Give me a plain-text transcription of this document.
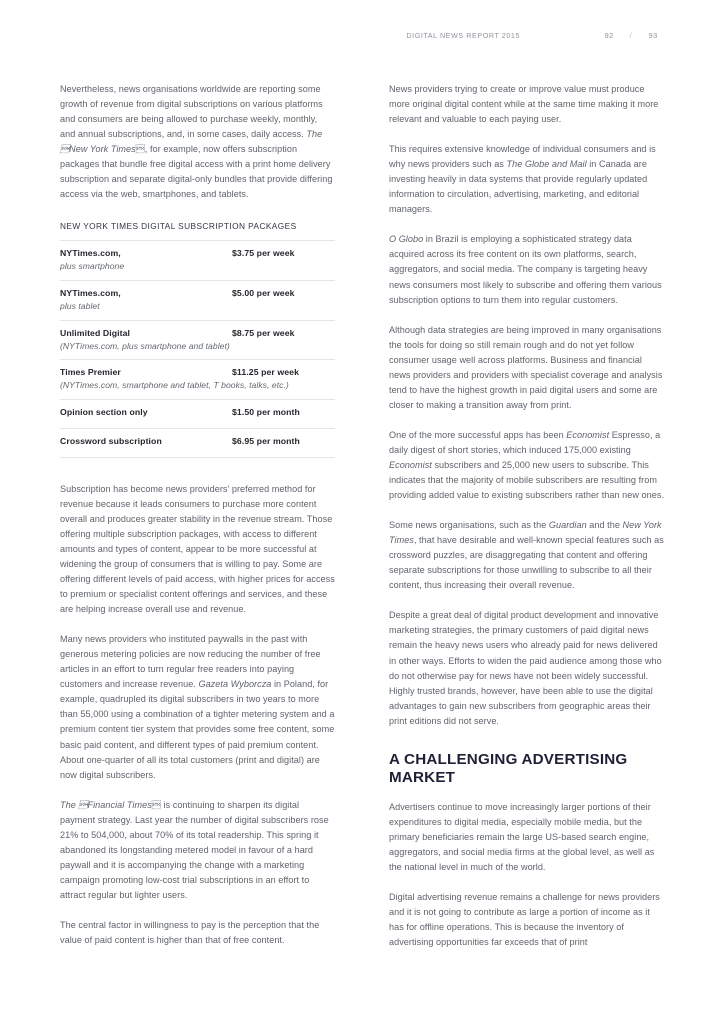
DIGITAL NEWS REPORT 2015	92	/	93

Nevertheless, news organisations worldwide are reporting some growth of revenue from digital subscriptions on various platforms and consumers are being allowed to purchase weekly, monthly, and annual subscriptions, and, in some cases, daily access. The New York Times, for example, now offers subscription packages that bundle free digital access with a print home delivery subscription and separate digital-only bundles that provide differing access via the web, smartphones, and tablets.

NEW YORK TIMES DIGITAL SUBSCRIPTION PACKAGES
NYTimes.com,	$3.75 per week
plus smartphone
NYTimes.com,	$5.00 per week
plus tablet
Unlimited Digital	$8.75 per week
(NYTimes.com, plus smartphone and tablet)
Times Premier	$11.25 per week
(NYTimes.com, smartphone and tablet, T books, talks, etc.)
Opinion section only	$1.50 per month
Crossword subscription	$6.95 per month

Subscription has become news providers' preferred method for revenue because it leads consumers to purchase more content overall and produces greater stability in the revenue stream. Those offering multiple subscription packages, with access to different amounts and types of content, appear to be more successful at widening the group of consumers that is willing to pay. Some are offering different levels of paid access, with higher prices for access to premium or specialist content offerings and services, and these are helping increase overall use and revenue.

Many news providers who instituted paywalls in the past with generous metering policies are now reducing the number of free articles in an effort to turn regular free readers into paying customers and increase revenue. Gazeta Wyborcza in Poland, for example, quadrupled its digital subscribers in two years to more than 55,000 using a combination of a tighter metering system and a premium content tier system that provides some free content, some basic paid content, and different types of paid premium content. About one-quarter of all its total customers (print and digital) are now digital subscribers.

The Financial Times is continuing to sharpen its digital payment strategy. Last year the number of digital subscribers rose 21% to 504,000, about 70% of its total readership. This spring it abandoned its longstanding metered model in favour of a hard paywall and it is accompanying the change with a marketing campaign promoting low-cost trial subscriptions in an effort to attract regular but lighter users.

The central factor in willingness to pay is the perception that the value of paid content is higher than that of free content.

News providers trying to create or improve value must produce more original digital content while at the same time making it more relevant and valuable to each paying user.

This requires extensive knowledge of individual consumers and is why news providers such as The Globe and Mail in Canada are investing heavily in data systems that provide regularly updated information to circulation, advertising, marketing, and editorial managers.

O Globo in Brazil is employing a sophisticated strategy data acquired across its free content on its own platforms, search, aggregators, and social media. The company is targeting heavy news consumers most likely to subscribe and offering them various subscription options to turn them into regular customers.

Although data strategies are being improved in many organisations the tools for doing so still remain rough and do not yet follow consumer usage well across platforms. Business and financial news providers and providers with specialist coverage and analysis tend to have the highest growth in paid digital users and some are closer to making a transition away from print.

One of the more successful apps has been Economist Espresso, a daily digest of short stories, which induced 175,000 existing Economist subscribers and 25,000 new users to subscribe. This indicates that the majority of mobile subscribers are resulting from providing added value to existing subscribers rather than new ones.

Some news organisations, such as the Guardian and the New York Times, that have desirable and well-known special features such as crossword puzzles, are disaggregating that content and offering separate subscriptions for those unwilling to subscribe to all their content, thus increasing their overall revenue.

Despite a great deal of digital product development and innovative marketing strategies, the primary customers of paid digital news remain the heavy news users who already paid for news delivered in other ways. Efforts to widen the paid audience among those who do not otherwise pay for news have not been widely successful. Highly trusted brands, however, have been able to use the digital advantages to gain new subscribers from geographic areas their print editions did not serve.

A CHALLENGING ADVERTISING MARKET

Advertisers continue to move increasingly larger portions of their expenditures to digital media, especially mobile media, but the primary beneficiaries remain the large US-based search engine, aggregators, and social media firms at the global level, as well as the national level in much of the world.

Digital advertising revenue remains a challenge for news providers and it is not going to contribute as large a portion of income as it has for offline operations. This is because the inventory of advertising opportunities far exceeds that of print
